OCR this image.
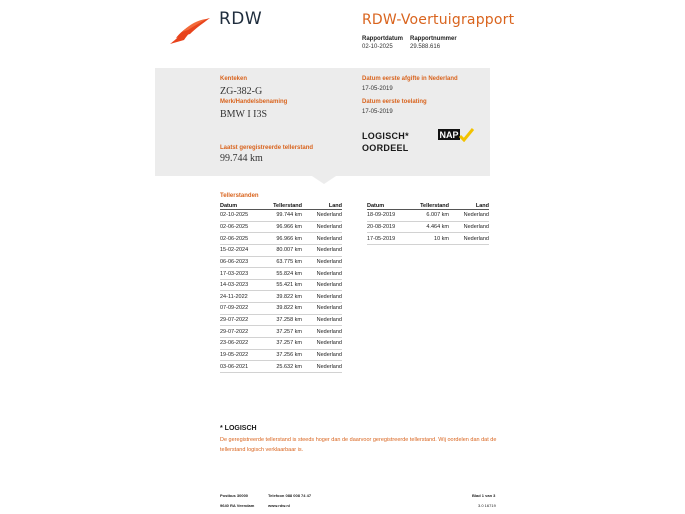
RDW	RDW-Voertuigrapport
Rapportdatum
02-10-2025
Rapportnummer
29.588.616
Kenteken
ZG-382-G
Merk/Handelsbenaming
BMW I I3S
Laatst geregistreerde tellerstand
99.744 km
Datum eerste afgifte in Nederland
17-05-2019
Datum eerste toelating
17-05-2019
LOGISCH*
OORDEEL
NAP
Tellerstanden
Datum	Tellerstand	Land
02-10-2025	99.744 km	Nederland
02-06-2025	96.966 km	Nederland
02-06-2025	96.966 km	Nederland
15-02-2024	80.007 km	Nederland
06-06-2023	63.775 km	Nederland
17-03-2023	55.824 km	Nederland
14-03-2023	55.421 km	Nederland
24-11-2022	39.822 km	Nederland
07-09-2022	39.822 km	Nederland
29-07-2022	37.258 km	Nederland
29-07-2022	37.257 km	Nederland
23-06-2022	37.257 km	Nederland
19-05-2022	37.256 km	Nederland
03-06-2021	25.632 km	Nederland
Datum	Tellerstand	Land
18-09-2019	6.007 km	Nederland
20-08-2019	4.464 km	Nederland
17-05-2019	10 km	Nederland
* LOGISCH
De geregistreerde tellerstand is steeds hoger dan de daarvoor geregistreerde tellerstand. Wij oordelen dan dat de tellerstand logisch verklaarbaar is.
Postbus 30000
9640 RA Veendam
Telefoon 088 008 74 47
www.rdw.nl
Blad 1 van 3
3.0 16719
